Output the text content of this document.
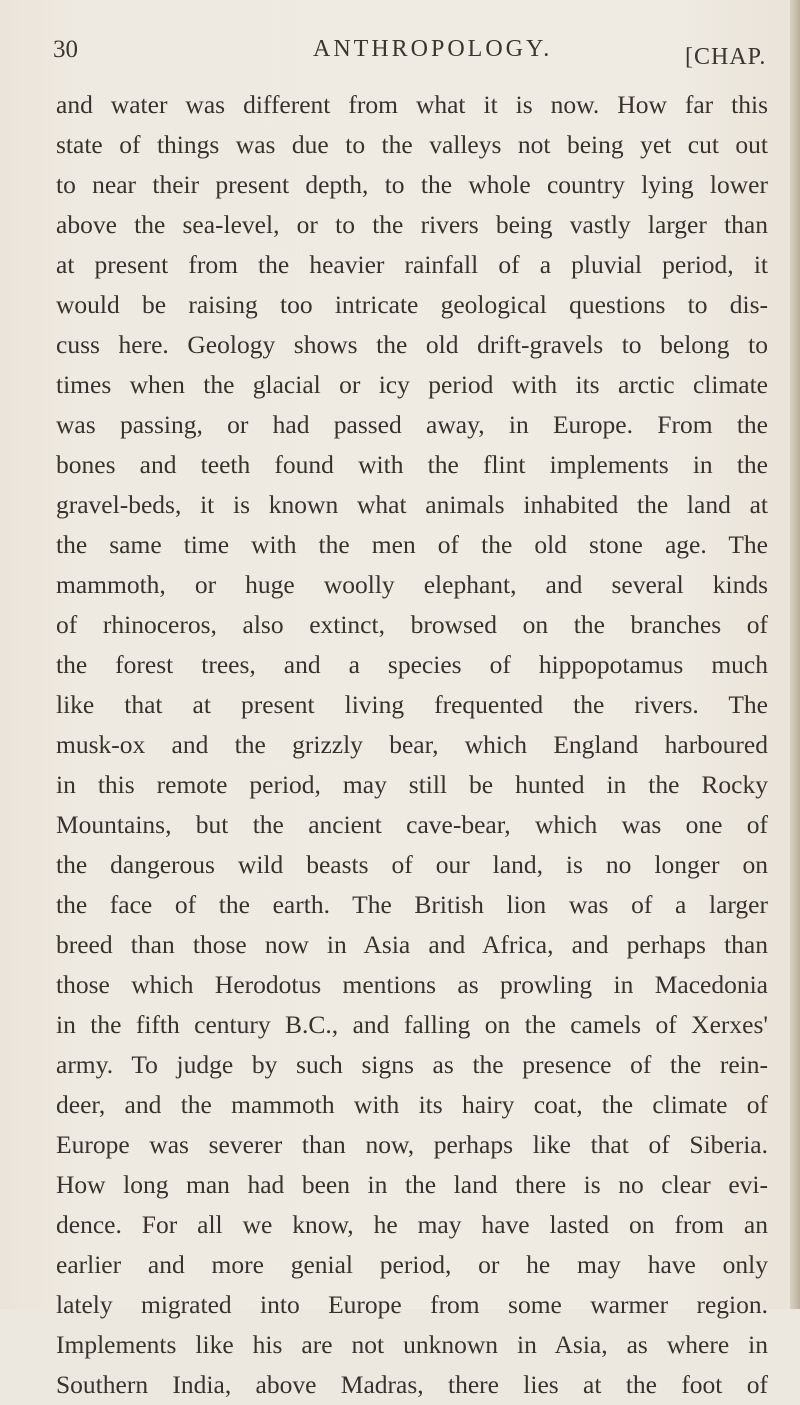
30	ANTHROPOLOGY.	[CHAP.
and water was different from what it is now. How far this
state of things was due to the valleys not being yet cut out
to near their present depth, to the whole country lying lower
above the sea-level, or to the rivers being vastly larger than
at present from the heavier rainfall of a pluvial period, it
would be raising too intricate geological questions to dis-
cuss here. Geology shows the old drift-gravels to belong to
times when the glacial or icy period with its arctic climate
was passing, or had passed away, in Europe. From the
bones and teeth found with the flint implements in the
gravel-beds, it is known what animals inhabited the land at
the same time with the men of the old stone age. The
mammoth, or huge woolly elephant, and several kinds
of rhinoceros, also extinct, browsed on the branches of
the forest trees, and a species of hippopotamus much
like that at present living frequented the rivers. The
musk-ox and the grizzly bear, which England harboured
in this remote period, may still be hunted in the Rocky
Mountains, but the ancient cave-bear, which was one of
the dangerous wild beasts of our land, is no longer on
the face of the earth. The British lion was of a larger
breed than those now in Asia and Africa, and perhaps than
those which Herodotus mentions as prowling in Macedonia
in the fifth century B.C., and falling on the camels of Xerxes'
army. To judge by such signs as the presence of the rein-
deer, and the mammoth with its hairy coat, the climate of
Europe was severer than now, perhaps like that of Siberia.
How long man had been in the land there is no clear evi-
dence. For all we know, he may have lasted on from an
earlier and more genial period, or he may have only
lately migrated into Europe from some warmer region.
Implements like his are not unknown in Asia, as where in
Southern India, above Madras, there lies at the foot of
